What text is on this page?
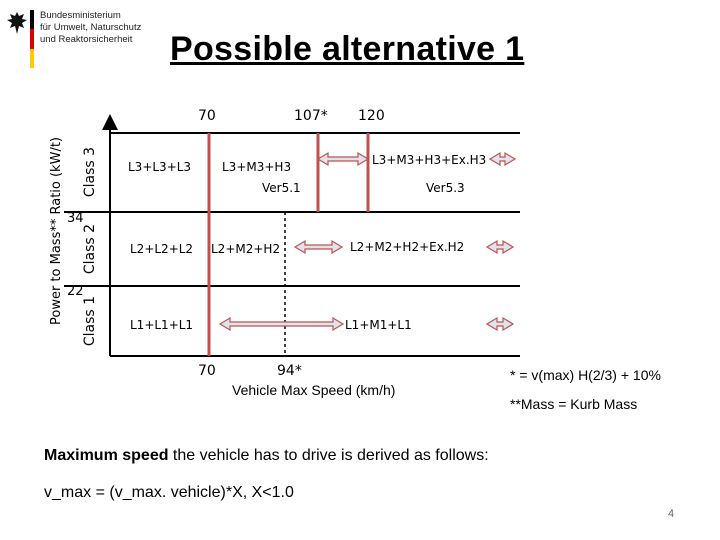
Bundesministerium
für Umwelt, Naturschutz
und Reaktorsicherheit Possible alternative 1
Power to Mass** Ratio (kW/t) Class 3
Class 2
Class 1
34
22
70	107* 120
L3+L3+L3	L3+M3+H3	L3+M3+H3+Ex.H3
Ver5.1	Ver5.3
L2+L2+L2 L2+M2+H2	L2+M2+H2+Ex.H2
L1+L1+L1	L1+M1+L1
70	94*
Vehicle Max Speed (km/h)
* = v(max) H(2/3) + 10%
**Mass = Kurb Mass
Maximum speed the vehicle has to drive is derived as follows:
v_max = (v_max. vehicle)*X, X<1.0
4
